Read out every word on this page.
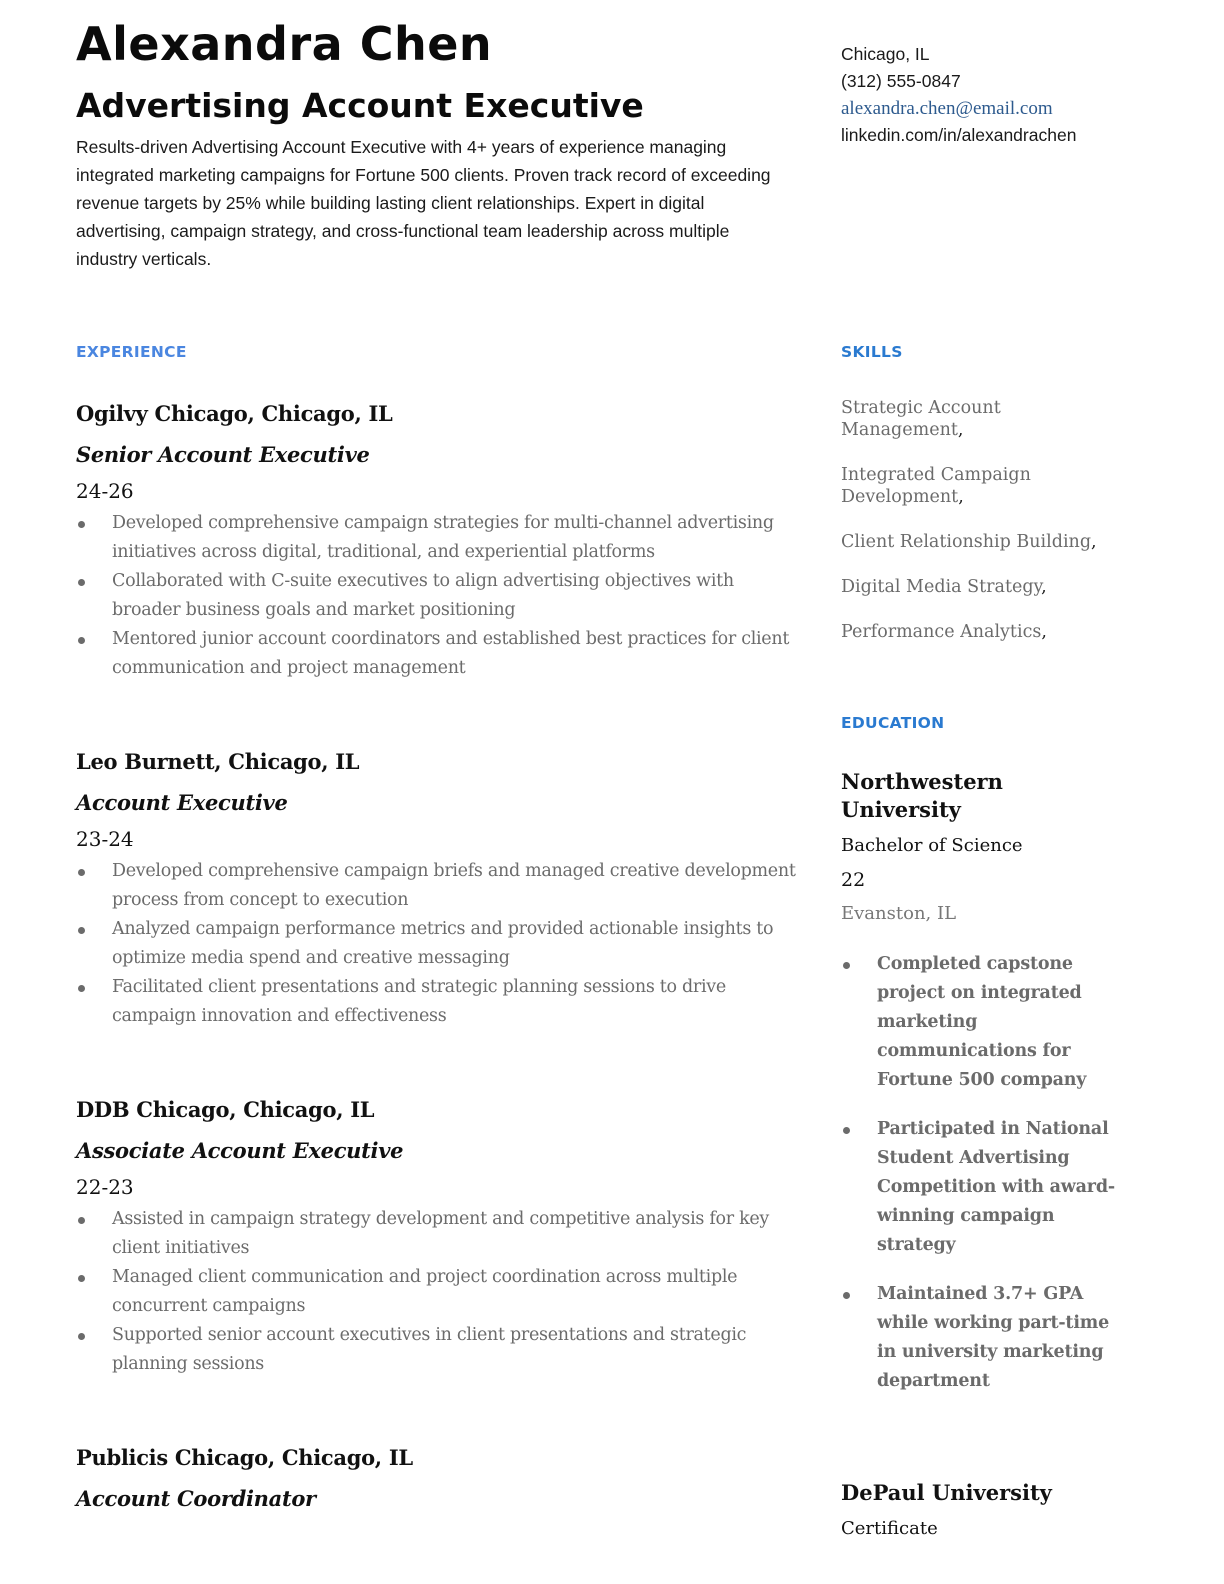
Alexandra Chen
Advertising Account Executive

Results-driven Advertising Account Executive with 4+ years of experience managing integrated marketing campaigns for Fortune 500 clients. Proven track record of exceeding revenue targets by 25% while building lasting client relationships. Expert in digital advertising, campaign strategy, and cross-functional team leadership across multiple industry verticals.

Chicago, IL
(312) 555-0847
alexandra.chen@email.com
linkedin.com/in/alexandrachen
EXPERIENCE
Ogilvy Chicago, Chicago, IL
Senior Account Executive
24-26
Developed comprehensive campaign strategies for multi-channel advertising initiatives across digital, traditional, and experiential platforms
Collaborated with C-suite executives to align advertising objectives with broader business goals and market positioning
Mentored junior account coordinators and established best practices for client communication and project management
Leo Burnett, Chicago, IL
Account Executive
23-24
Developed comprehensive campaign briefs and managed creative development process from concept to execution
Analyzed campaign performance metrics and provided actionable insights to optimize media spend and creative messaging
Facilitated client presentations and strategic planning sessions to drive campaign innovation and effectiveness
DDB Chicago, Chicago, IL
Associate Account Executive
22-23
Assisted in campaign strategy development and competitive analysis for key client initiatives
Managed client communication and project coordination across multiple concurrent campaigns
Supported senior account executives in client presentations and strategic planning sessions
Publicis Chicago, Chicago, IL
Account Coordinator
SKILLS
Strategic Account Management,
Integrated Campaign Development,
Client Relationship Building,
Digital Media Strategy,
Performance Analytics,
EDUCATION
Northwestern University
Bachelor of Science
22
Evanston, IL
Completed capstone project on integrated marketing communications for Fortune 500 company
Participated in National Student Advertising Competition with award-winning campaign strategy
Maintained 3.7+ GPA while working part-time in university marketing department
DePaul University
Certificate
